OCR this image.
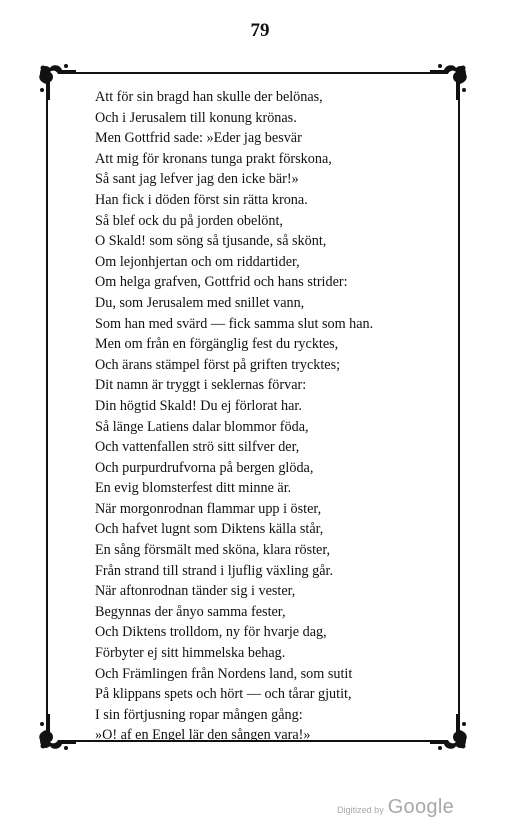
79
Att för sin bragd han skulle der belönas,
Och i Jerusalem till konung krönas.
Men Gottfrid sade: »Eder jag besvär
Att mig för kronans tunga prakt förskona,
Så sant jag lefver jag den icke bär!»
Han fick i döden först sin rätta krona.
Så blef ock du på jorden obelönt,
O Skald! som söng så tjusande, så skönt,
Om lejonhjertan och om riddartider,
Om helga grafven, Gottfrid och hans strider:
Du, som Jerusalem med snillet vann,
Som han med svärd — fick samma slut som han.
Men om från en förgänglig fest du rycktes,
Och ärans stämpel först på griften trycktes;
Dit namn är tryggt i seklernas förvar:
Din högtid Skald! Du ej förlorat har.
Så länge Latiens dalar blommor föda,
Och vattenfallen strö sitt silfver der,
Och purpurdrufvorna på bergen glöda,
En evig blomsterfest ditt minne är.
När morgonrodnan flammar upp i öster,
Och hafvet lugnt som Diktens källa står,
En sång försmält med sköna, klara röster,
Från strand till strand i ljuflig växling går.
När aftonrodnan tänder sig i vester,
Begynnas der ånyo samma fester,
Och Diktens trolldom, ny för hvarje dag,
Förbyter ej sitt himmelska behag.
Och Främlingen från Nordens land, som sutit
På klippans spets och hört — och tårar gjutit,
I sin förtjusning ropar mången gång:
»O! af en Engel lär den sången vara!»
Digitized by Google
